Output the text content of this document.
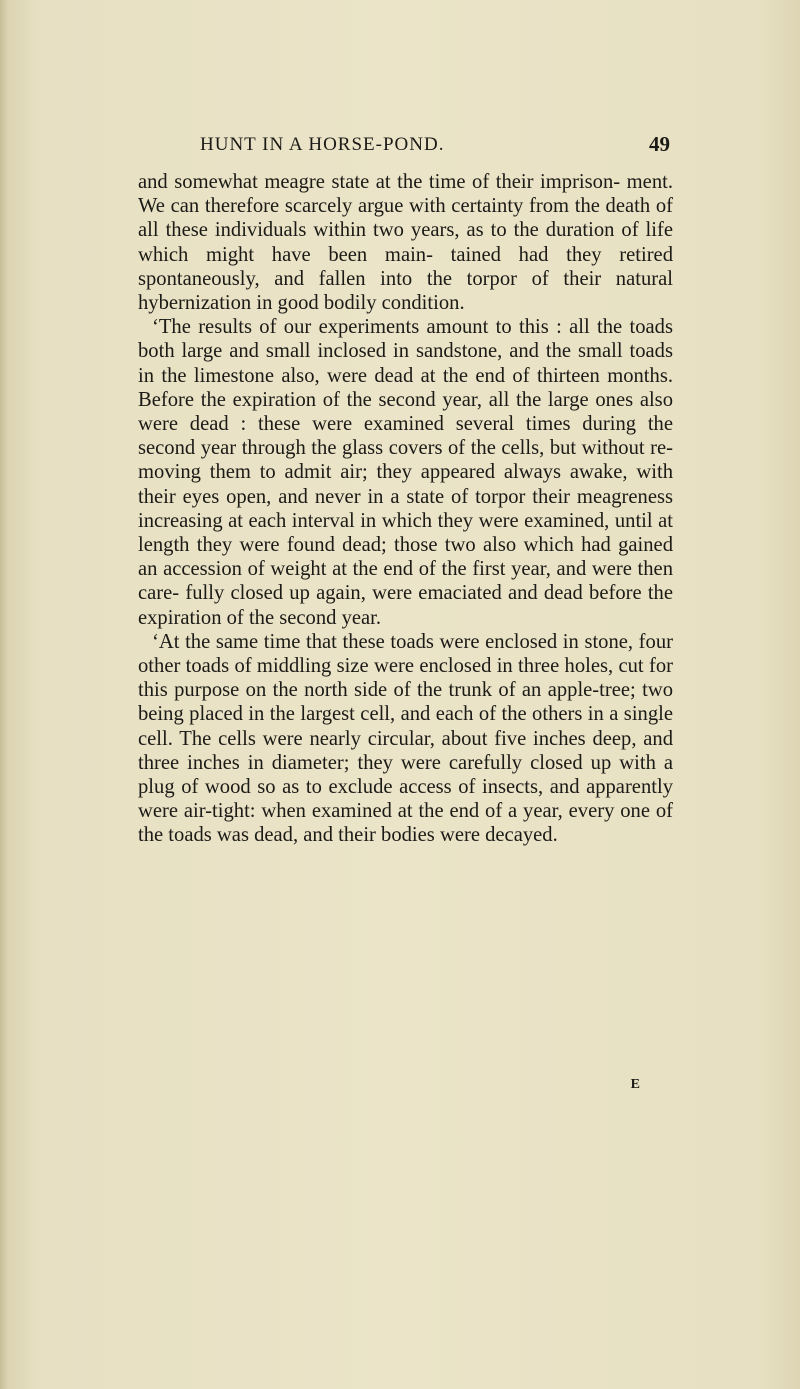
HUNT IN A HORSE-POND.	49

and somewhat meagre state at the time of their imprison- ment. We can therefore scarcely argue with certainty from the death of all these individuals within two years, as to the duration of life which might have been main- tained had they retired spontaneously, and fallen into the torpor of their natural hybernization in good bodily condition.

‘The results of our experiments amount to this : all the toads both large and small inclosed in sandstone, and the small toads in the limestone also, were dead at the end of thirteen months. Before the expiration of the second year, all the large ones also were dead : these were examined several times during the second year through the glass covers of the cells, but without re- moving them to admit air; they appeared always awake, with their eyes open, and never in a state of torpor their meagreness increasing at each interval in which they were examined, until at length they were found dead; those two also which had gained an accession of weight at the end of the first year, and were then care- fully closed up again, were emaciated and dead before the expiration of the second year.

‘At the same time that these toads were enclosed in stone, four other toads of middling size were enclosed in three holes, cut for this purpose on the north side of the trunk of an apple-tree; two being placed in the largest cell, and each of the others in a single cell. The cells were nearly circular, about five inches deep, and three inches in diameter; they were carefully closed up with a plug of wood so as to exclude access of insects, and apparently were air-tight: when examined at the end of a year, every one of the toads was dead, and their bodies were decayed.

E
